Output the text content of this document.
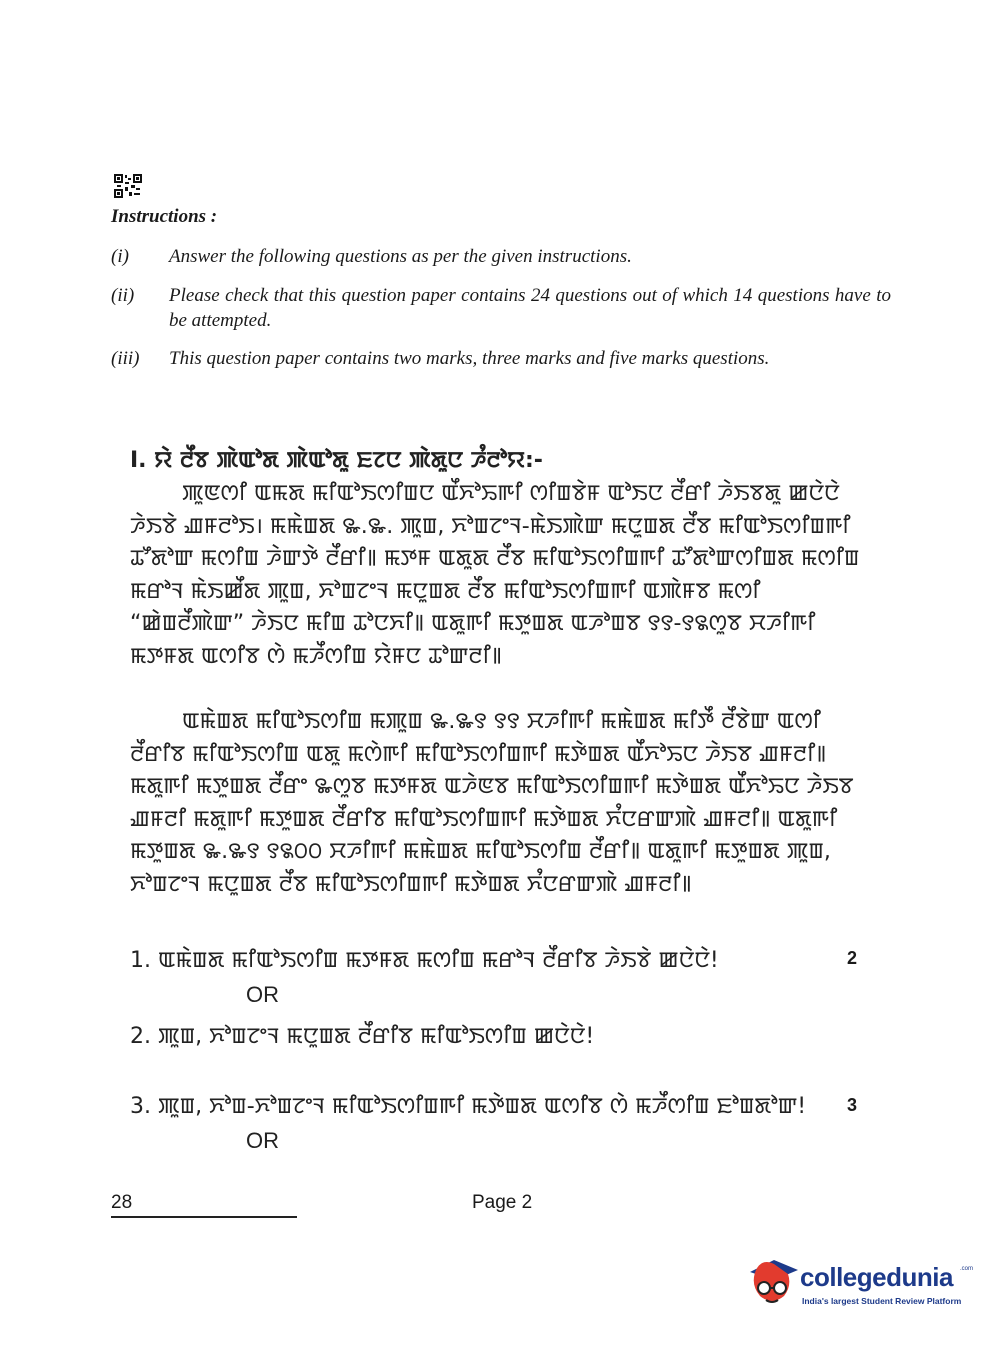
Instructions :
(i)	Answer the following questions as per the given instructions.
(ii)	Please check that this question paper contains 24 questions out of which 14 questions have to be attempted.
(iii)	This question paper contains two marks, three marks and five marks questions.
I. ꯌꯥ ꯂꯩꯕ ꯄꯥꯑꯣꯗ ꯄꯥꯑꯣꯗꯨ ꯐꯖꯅ ꯄꯥꯗꯨꯅ ꯍꯪꯂꯣꯌ:-
ꯄꯨꯟꯁꯤ ꯑꯃꯗ ꯃꯤꯑꯣꯏꯁꯤꯡꯅ ꯑꯩꯈꯣꯢꯒꯤ ꯁꯤꯡꯕꯥꯝ ꯑꯣꯏꯅ ꯂꯩꯔꯤ ꯍꯥꯏꯕꯗꯨ ꯀꯅꯥꯅꯥ ꯍꯥꯏꯕꯥ ꯉꯝꯂꯣꯏ। ꯃꯃꯥꯡꯗ ꯳.꯳. ꯄꯨꯡ, ꯈꯣꯡꯖꯦꯜ-ꯃꯥꯏꯄꯥꯛ ꯃꯅꯨꯡꯗ ꯂꯩꯕ ꯃꯤꯑꯣꯏꯁꯤꯡꯒꯤ ꯊꯧꯗꯣꯛ ꯃꯁꯤꯡ ꯍꯥꯛꯇꯥ ꯂꯩꯔꯤ꯫ ꯃꯇꯝ ꯑꯗꯨꯗ ꯂꯩꯕ ꯃꯤꯑꯣꯏꯁꯤꯡꯒꯤ ꯊꯧꯗꯣꯛꯁꯤꯡꯗ ꯃꯁꯤꯡ ꯃꯔꯣꯜ ꯃꯥꯏꯀꯩꯗ ꯄꯨꯡ, ꯈꯣꯡꯖꯦꯜ ꯃꯅꯨꯡꯗ ꯂꯩꯕ ꯃꯤꯑꯣꯏꯁꯤꯡꯒꯤ ꯑꯄꯥꯝꯕ ꯃꯁꯤ “ꯀꯥꯡꯂꯩꯄꯥꯛ” ꯍꯥꯏꯅ ꯃꯤꯡ ꯊꯣꯅꯈꯤ꯫ ꯑꯗꯨꯒꯤ ꯃꯇꯨꯡꯗ ꯑꯍꯣꯡꯕ ꯱꯱-꯱꯲ꯁꯨꯕ ꯆꯍꯤꯒꯤ ꯃꯇꯝꯗ ꯑꯁꯤꯕ ꯁꯥ ꯃꯍꯩꯁꯤꯡ ꯌꯥꯝꯅ ꯊꯣꯛꯂꯤ꯫
ꯑꯃꯥꯡꯗ ꯃꯤꯑꯣꯏꯁꯤꯡ ꯃꯄꯨꯡ ꯳.꯳꯱ ꯱꯱ ꯆꯍꯤꯒꯤ ꯃꯃꯥꯡꯗ ꯃꯤꯇꯩ ꯂꯩꯕꯥꯛ ꯑꯁꯤ ꯂꯩꯔꯤꯕ ꯃꯤꯑꯣꯏꯁꯤꯡ ꯑꯗꯨ ꯃꯁꯥꯒꯤ ꯃꯤꯑꯣꯏꯁꯤꯡꯒꯤ ꯃꯇꯥꯡꯗ ꯑꯩꯈꯣꯢꯅ ꯍꯥꯏꯕ ꯉꯝꯂꯤ꯫ ꯃꯗꯨꯒꯤ ꯃꯇꯨꯡꯗ ꯂꯩꯔꯦ ꯳ꯁꯨꯕ ꯃꯇꯝꯗ ꯑꯍꯥꯟꯕ ꯃꯤꯑꯣꯏꯁꯤꯡꯒꯤ ꯃꯇꯥꯡꯗ ꯑꯩꯈꯣꯢꯅ ꯍꯥꯏꯕ ꯉꯝꯂꯤ ꯃꯗꯨꯒꯤ ꯃꯇꯨꯡꯗ ꯂꯩꯔꯤꯕ ꯃꯤꯑꯣꯏꯁꯤꯡꯒꯤ ꯃꯇꯥꯡꯗ ꯈꯪꯅꯔꯛꯄꯥ ꯉꯝꯂꯤ꯫ ꯑꯗꯨꯒꯤ ꯃꯇꯨꯡꯗ ꯳.꯳꯱ ꯱꯲꯰꯰ ꯆꯍꯤꯒꯤ ꯃꯃꯥꯡꯗ ꯃꯤꯑꯣꯏꯁꯤꯡ ꯂꯩꯔꯤ꯫ ꯑꯗꯨꯒꯤ ꯃꯇꯨꯡꯗ ꯄꯨꯡ, ꯈꯣꯡꯖꯦꯜ ꯃꯅꯨꯡꯗ ꯂꯩꯕ ꯃꯤꯑꯣꯏꯁꯤꯡꯒꯤ ꯃꯇꯥꯡꯗ ꯈꯪꯅꯔꯛꯄꯥ ꯉꯝꯂꯤ꯫
1. ꯑꯃꯥꯡꯗ ꯃꯤꯑꯣꯏꯁꯤꯡ ꯃꯇꯝꯗ ꯃꯁꯤꯡ ꯃꯔꯣꯜ ꯂꯩꯔꯤꯕ ꯍꯥꯏꯕꯥ ꯀꯅꯥꯅꯥ!	2
OR
2. ꯄꯨꯡ, ꯈꯣꯡꯖꯦꯜ ꯃꯅꯨꯡꯗ ꯂꯩꯔꯤꯕ ꯃꯤꯑꯣꯏꯁꯤꯡ ꯀꯅꯥꯅꯥ!
3. ꯄꯨꯡ, ꯈꯣꯡ-ꯈꯣꯡꯖꯦꯜ ꯃꯤꯑꯣꯏꯁꯤꯡꯒꯤ ꯃꯇꯥꯡꯗ ꯑꯁꯤꯕ ꯁꯥ ꯃꯍꯩꯁꯤꯡ ꯐꯣꯡꯗꯣꯛ!	3
OR
28	Page 2
collegedunia .com
India's largest Student Review Platform
